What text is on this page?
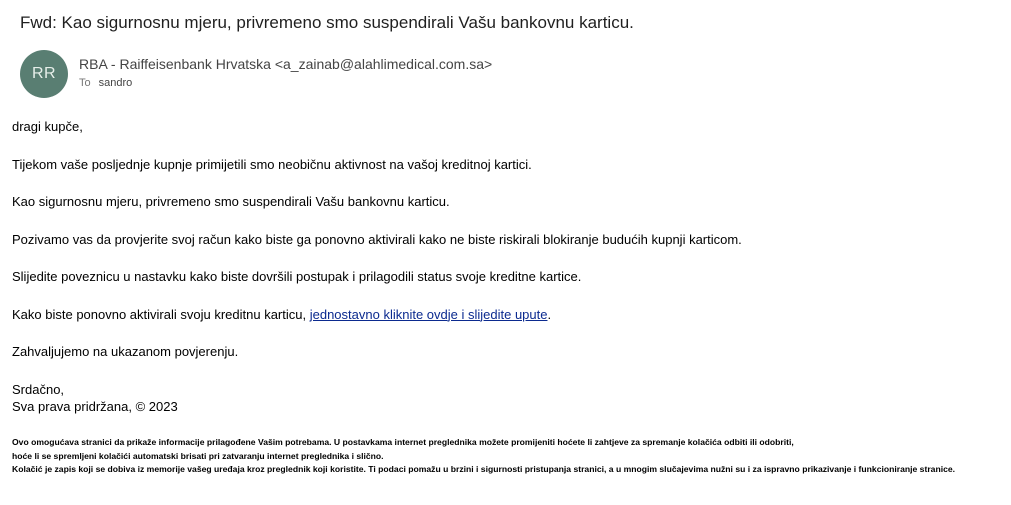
Fwd: Kao sigurnosnu mjeru, privremeno smo suspendirali Vašu bankovnu karticu.
RR
RBA - Raiffeisenbank Hrvatska <a_zainab@alahlimedical.com.sa>
To sandro

dragi kupče,

Tijekom vaše posljednje kupnje primijetili smo neobičnu aktivnost na vašoj kreditnoj kartici.

Kao sigurnosnu mjeru, privremeno smo suspendirali Vašu bankovnu karticu.

Pozivamo vas da provjerite svoj račun kako biste ga ponovno aktivirali kako ne biste riskirali blokiranje budućih kupnji karticom.

Slijedite poveznicu u nastavku kako biste dovršili postupak i prilagodili status svoje kreditne kartice.

Kako biste ponovno aktivirali svoju kreditnu karticu, jednostavno kliknite ovdje i slijedite upute.

Zahvaljujemo na ukazanom povjerenju.

Srdačno,

Sva prava pridržana, © 2023

Ovo omogućava stranici da prikaže informacije prilagođene Vašim potrebama. U postavkama internet preglednika možete promijeniti hoćete li zahtjeve za spremanje kolačića odbiti ili odobriti,
hoće li se spremljeni kolačići automatski brisati pri zatvaranju internet preglednika i slično.
Kolačić je zapis koji se dobiva iz memorije vašeg uređaja kroz preglednik koji koristite. Ti podaci pomažu u brzini i sigurnosti pristupanja stranici, a u mnogim slučajevima nužni su i za ispravno prikazivanje i funkcioniranje stranice.
